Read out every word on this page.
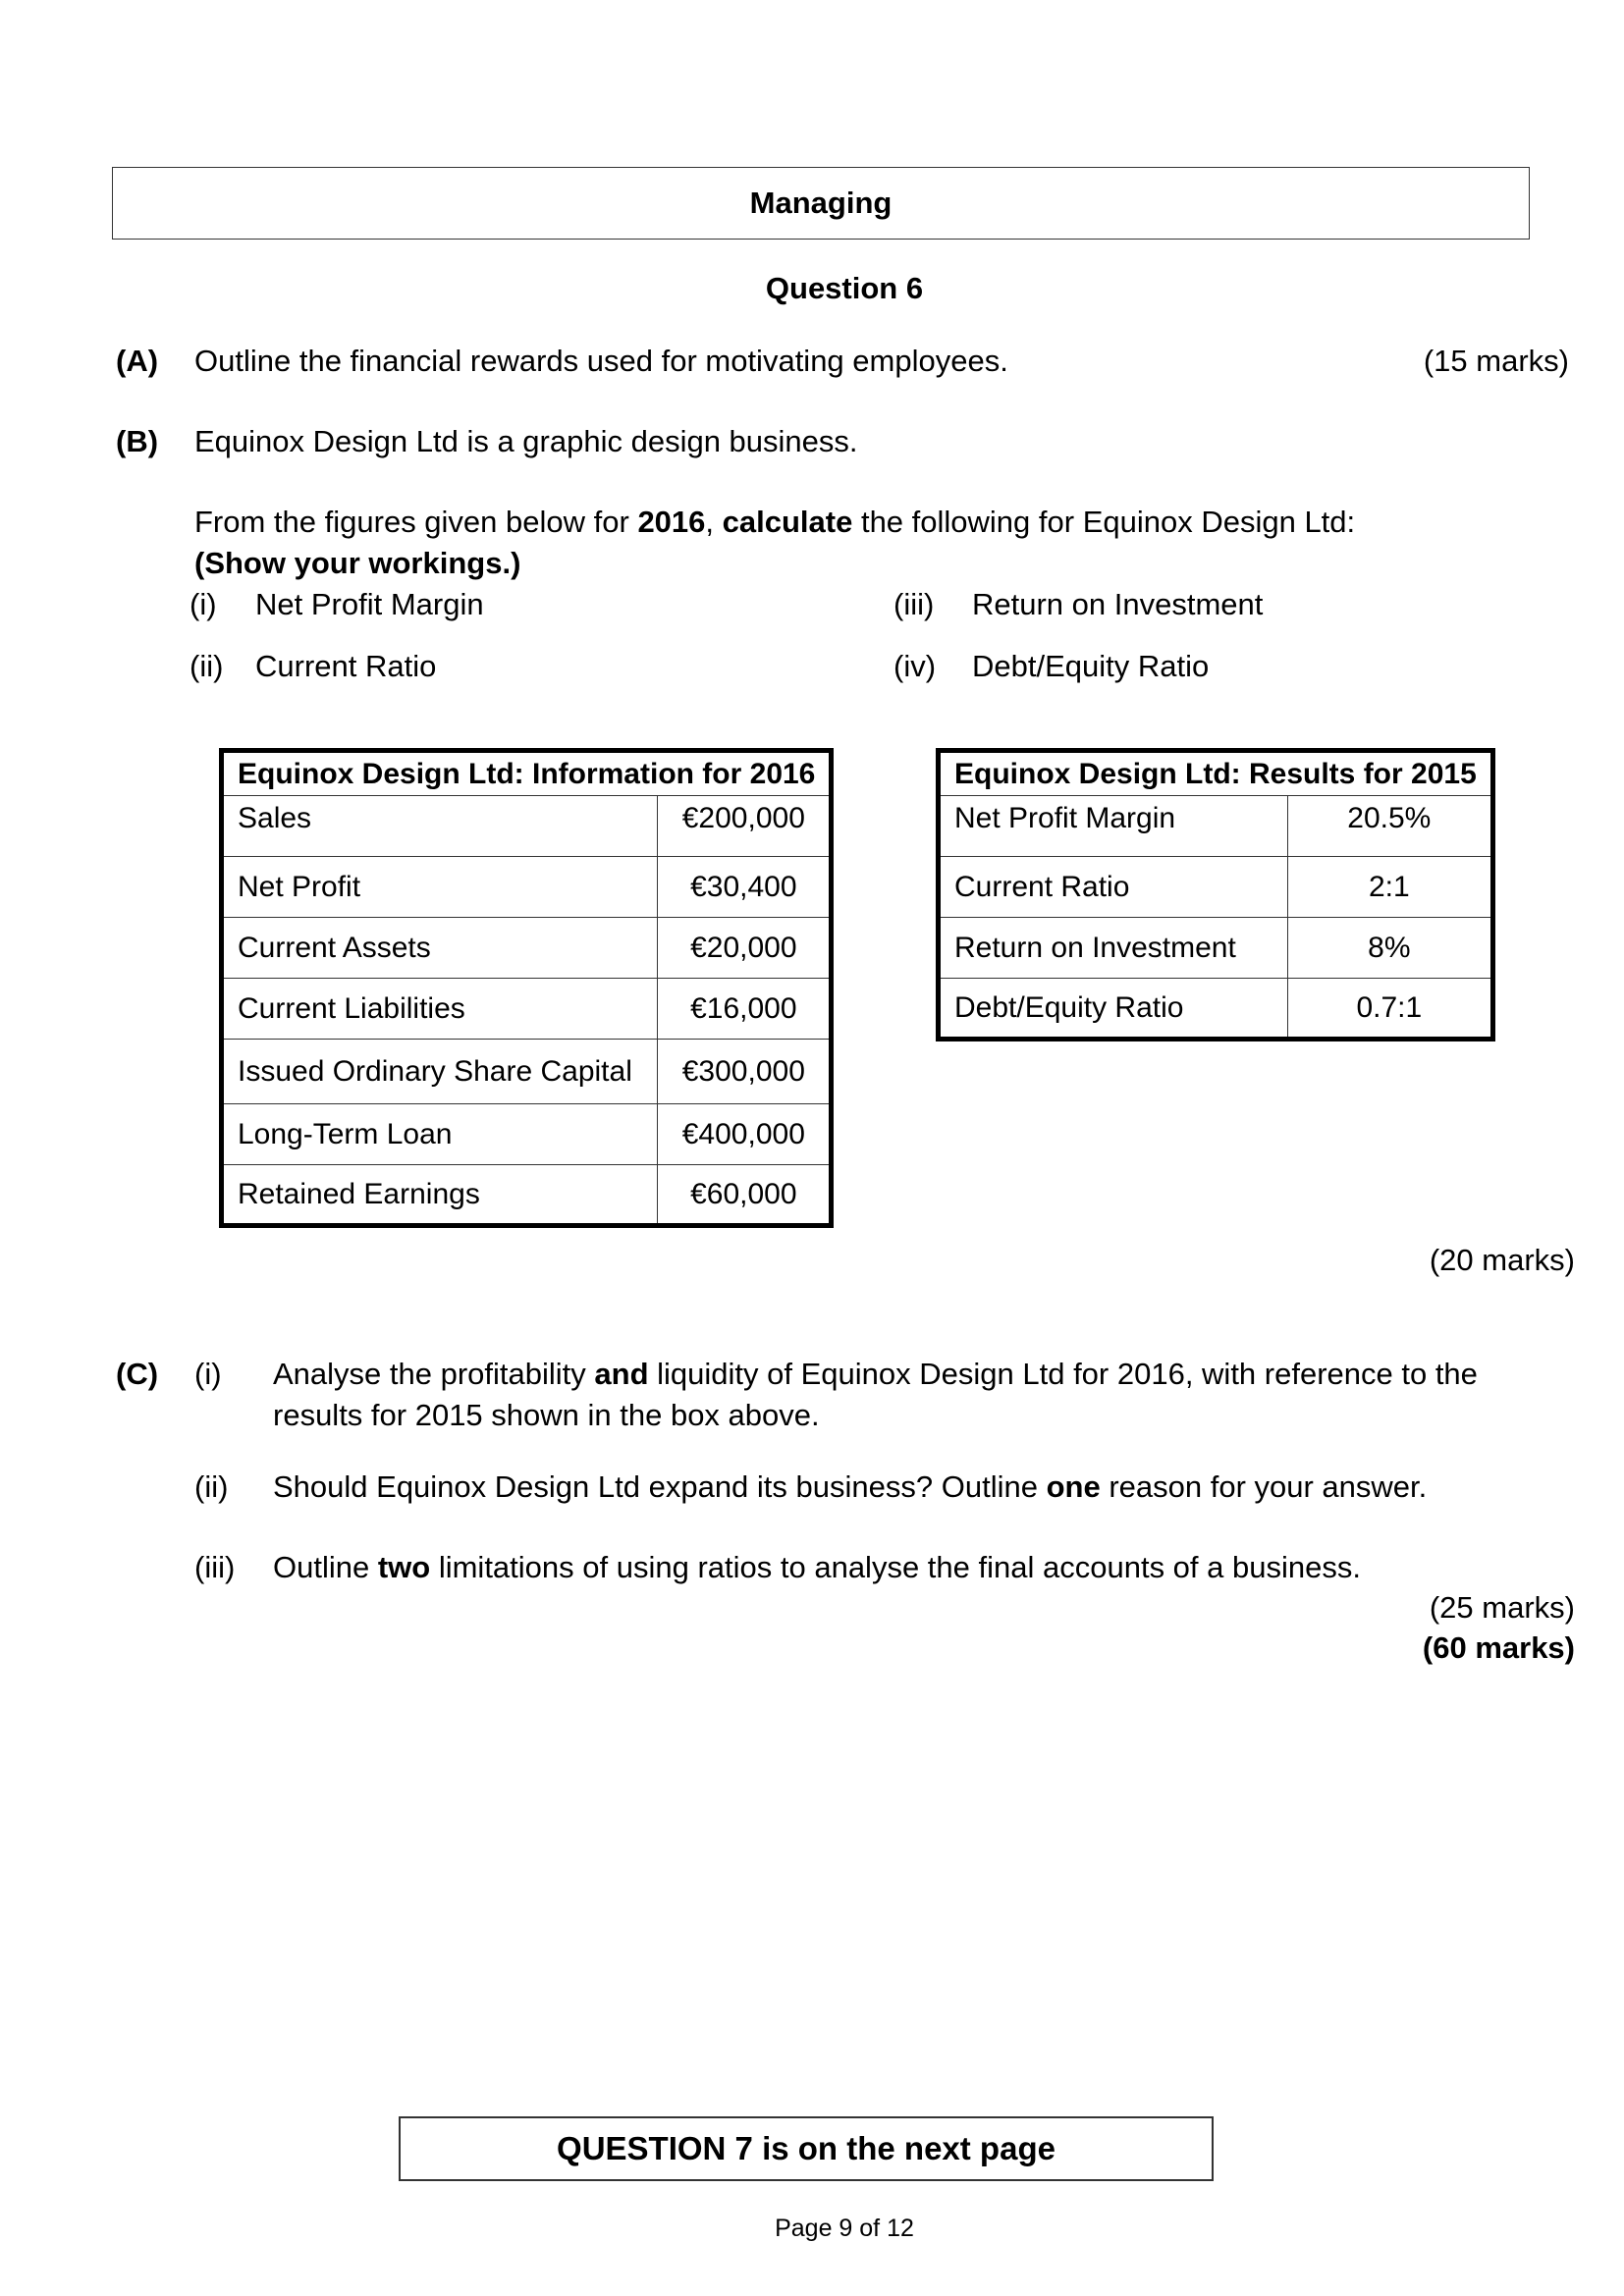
Managing
Question 6
(A) Outline the financial rewards used for motivating employees.	(15 marks)
(B) Equinox Design Ltd is a graphic design business.
From the figures given below for 2016, calculate the following for Equinox Design Ltd:
(Show your workings.)
(i) Net Profit Margin	(iii) Return on Investment
(ii) Current Ratio	(iv) Debt/Equity Ratio
Equinox Design Ltd: Information for 2016	
Sales	€200,000
Net Profit	€30,400
Current Assets	€20,000
Current Liabilities	€16,000
Issued Ordinary Share Capital	€300,000
Long-Term Loan	€400,000
Retained Earnings	€60,000
Equinox Design Ltd: Results for 2015	
Net Profit Margin	20.5%
Current Ratio	2:1
Return on Investment	8%
Debt/Equity Ratio	0.7:1
(20 marks)
(C) (i) Analyse the profitability and liquidity of Equinox Design Ltd for 2016, with reference to the
results for 2015 shown in the box above.
(ii) Should Equinox Design Ltd expand its business? Outline one reason for your answer.
(iii) Outline two limitations of using ratios to analyse the final accounts of a business.
(25 marks)
(60 marks)
QUESTION 7 is on the next page
Page 9 of 12
